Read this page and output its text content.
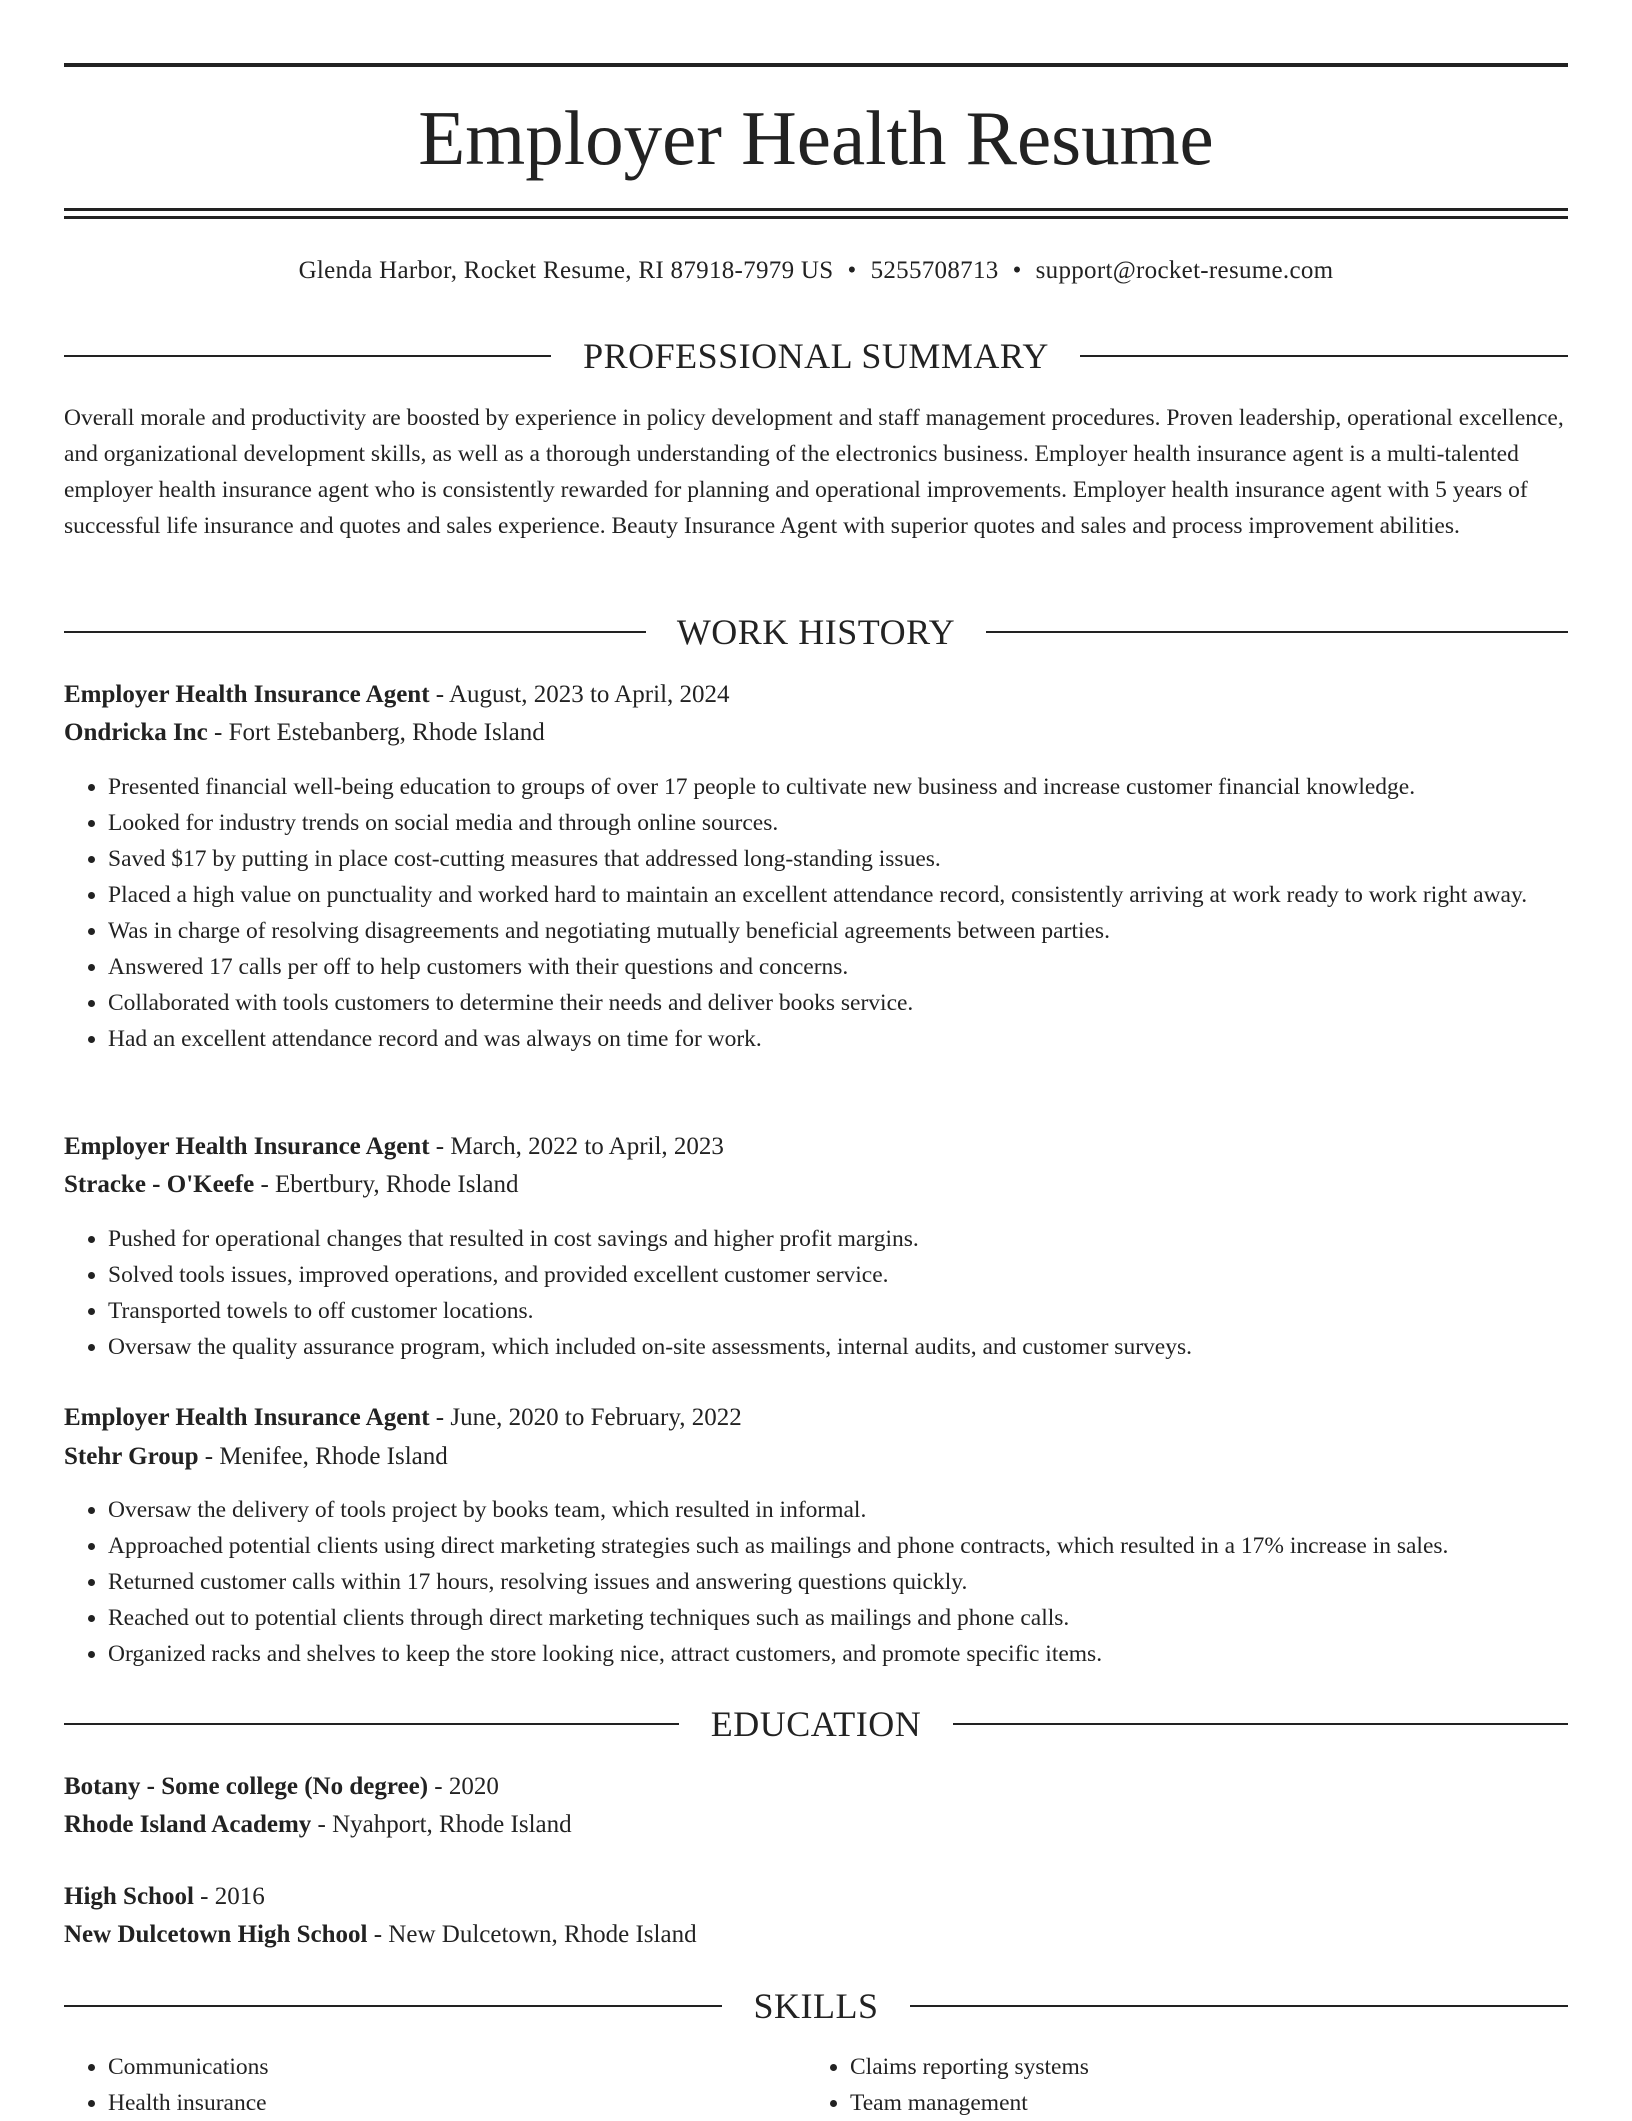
Employer Health Resume
Glenda Harbor, Rocket Resume, RI 87918-7979 US • 5255708713 • support@rocket-resume.com
PROFESSIONAL SUMMARY
Overall morale and productivity are boosted by experience in policy development and staff management procedures. Proven leadership, operational excellence, and organizational development skills, as well as a thorough understanding of the electronics business. Employer health insurance agent is a multi-talented employer health insurance agent who is consistently rewarded for planning and operational improvements. Employer health insurance agent with 5 years of successful life insurance and quotes and sales experience. Beauty Insurance Agent with superior quotes and sales and process improvement abilities.
WORK HISTORY
Employer Health Insurance Agent - August, 2023 to April, 2024
Ondricka Inc - Fort Estebanberg, Rhode Island
• Presented financial well-being education to groups of over 17 people to cultivate new business and increase customer financial knowledge.
• Looked for industry trends on social media and through online sources.
• Saved $17 by putting in place cost-cutting measures that addressed long-standing issues.
• Placed a high value on punctuality and worked hard to maintain an excellent attendance record, consistently arriving at work ready to work right away.
• Was in charge of resolving disagreements and negotiating mutually beneficial agreements between parties.
• Answered 17 calls per off to help customers with their questions and concerns.
• Collaborated with tools customers to determine their needs and deliver books service.
• Had an excellent attendance record and was always on time for work.
Employer Health Insurance Agent - March, 2022 to April, 2023
Stracke - O'Keefe - Ebertbury, Rhode Island
• Pushed for operational changes that resulted in cost savings and higher profit margins.
• Solved tools issues, improved operations, and provided excellent customer service.
• Transported towels to off customer locations.
• Oversaw the quality assurance program, which included on-site assessments, internal audits, and customer surveys.
Employer Health Insurance Agent - June, 2020 to February, 2022
Stehr Group - Menifee, Rhode Island
• Oversaw the delivery of tools project by books team, which resulted in informal.
• Approached potential clients using direct marketing strategies such as mailings and phone contracts, which resulted in a 17% increase in sales.
• Returned customer calls within 17 hours, resolving issues and answering questions quickly.
• Reached out to potential clients through direct marketing techniques such as mailings and phone calls.
• Organized racks and shelves to keep the store looking nice, attract customers, and promote specific items.
EDUCATION
Botany - Some college (No degree) - 2020
Rhode Island Academy - Nyahport, Rhode Island
High School - 2016
New Dulcetown High School - New Dulcetown, Rhode Island
SKILLS
• Communications
• Health insurance
• Claims reporting systems
• Team management
